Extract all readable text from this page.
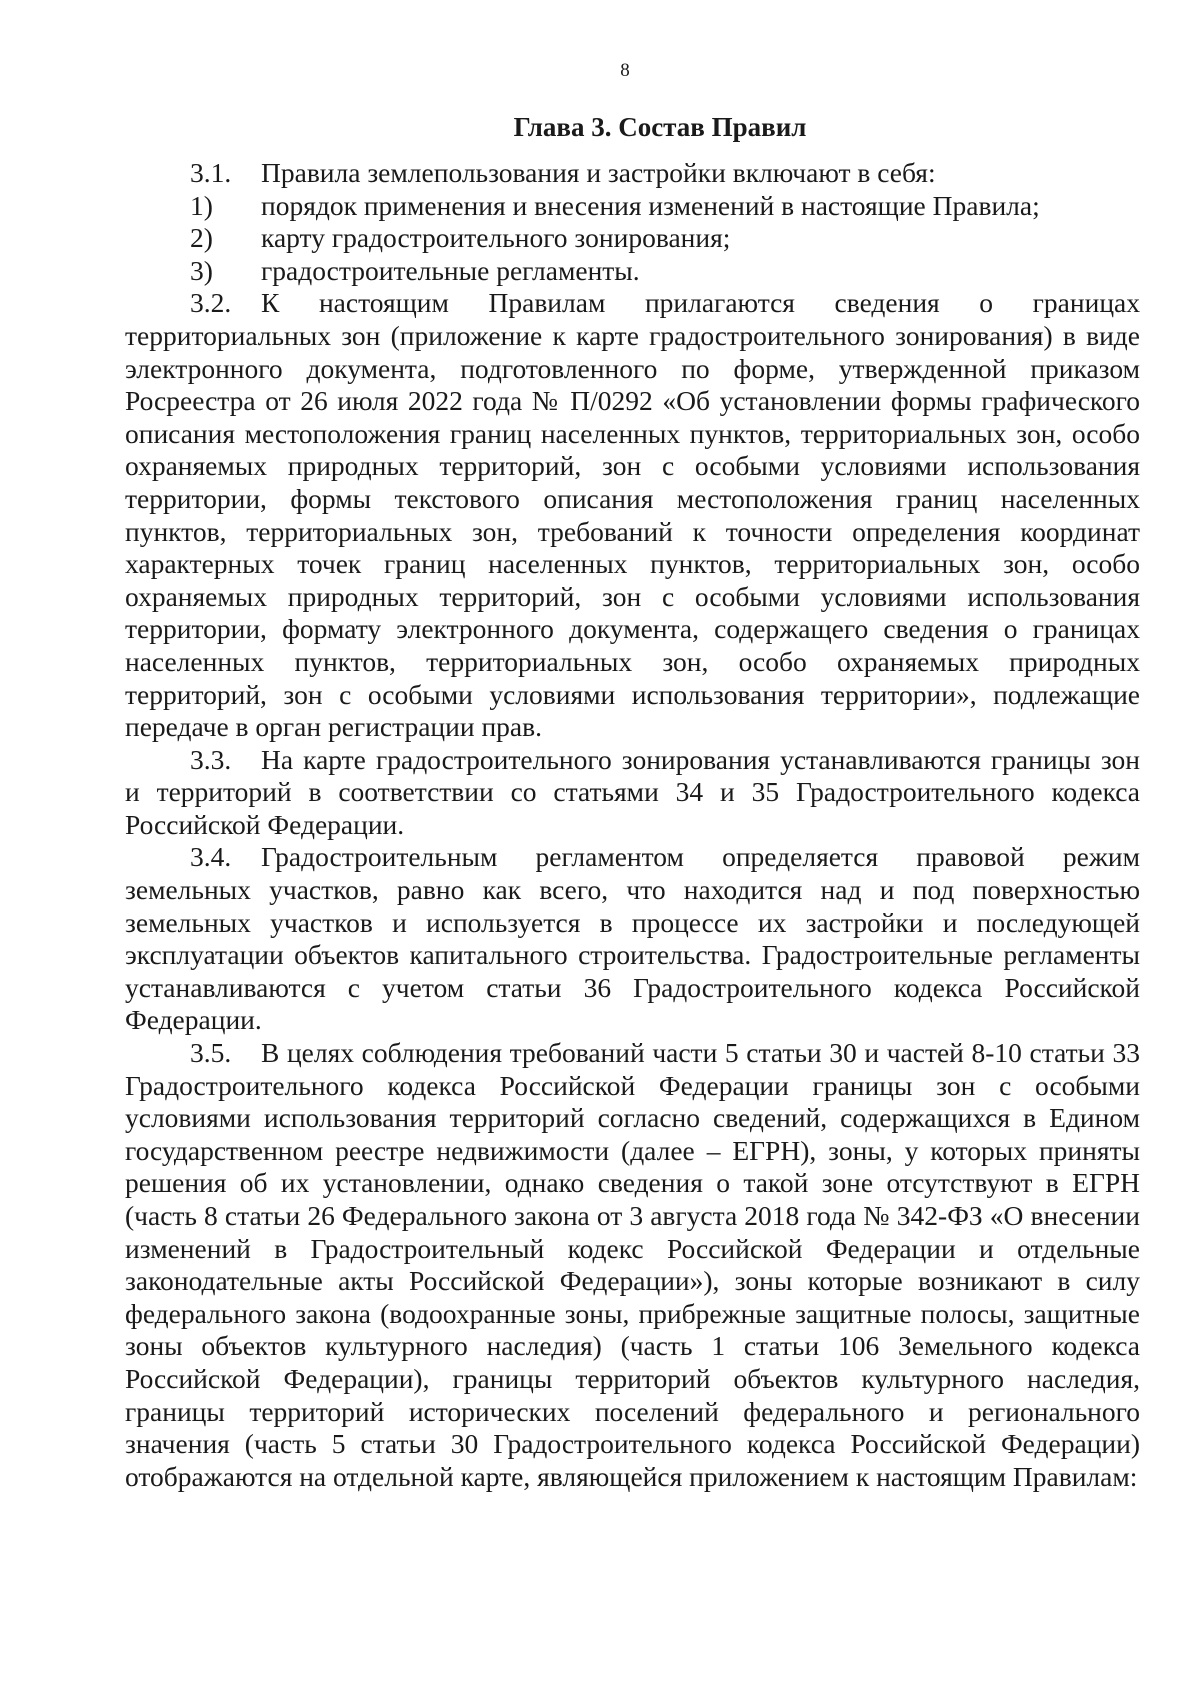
8
Глава 3. Состав Правил

3.1. Правила землепользования и застройки включают в себя:

1) порядок применения и внесения изменений в настоящие Правила;

2) карту градостроительного зонирования;

3) градостроительные регламенты.

3.2. К настоящим Правилам прилагаются сведения о границах территориальных зон (приложение к карте градостроительного зонирования) в виде электронного документа, подготовленного по форме, утвержденной приказом Росреестра от 26 июля 2022 года № П/0292 «Об установлении формы графического описания местоположения границ населенных пунктов, территориальных зон, особо охраняемых природных территорий, зон с особыми условиями использования территории, формы текстового описания местоположения границ населенных пунктов, территориальных зон, требований к точности определения координат характерных точек границ населенных пунктов, территориальных зон, особо охраняемых природных территорий, зон с особыми условиями использования территории, формату электронного документа, содержащего сведения о границах населенных пунктов, территориальных зон, особо охраняемых природных территорий, зон с особыми условиями использования территории», подлежащие передаче в орган регистрации прав.

3.3. На карте градостроительного зонирования устанавливаются границы зон и территорий в соответствии со статьями 34 и 35 Градостроительного кодекса Российской Федерации.

3.4. Градостроительным регламентом определяется правовой режим земельных участков, равно как всего, что находится над и под поверхностью земельных участков и используется в процессе их застройки и последующей эксплуатации объектов капитального строительства. Градостроительные регламенты устанавливаются с учетом статьи 36 Градостроительного кодекса Российской Федерации.

3.5. В целях соблюдения требований части 5 статьи 30 и частей 8-10 статьи 33 Градостроительного кодекса Российской Федерации границы зон с особыми условиями использования территорий согласно сведений, содержащихся в Едином государственном реестре недвижимости (далее – ЕГРН), зоны, у которых приняты решения об их установлении, однако сведения о такой зоне отсутствуют в ЕГРН (часть 8 статьи 26 Федерального закона от 3 августа 2018 года № 342-ФЗ «О внесении изменений в Градостроительный кодекс Российской Федерации и отдельные законодательные акты Российской Федерации»), зоны которые возникают в силу федерального закона (водоохранные зоны, прибрежные защитные полосы, защитные зоны объектов культурного наследия) (часть 1 статьи 106 Земельного кодекса Российской Федерации), границы территорий объектов культурного наследия, границы территорий исторических поселений федерального и регионального значения (часть 5 статьи 30 Градостроительного кодекса Российской Федерации) отображаются на отдельной карте, являющейся приложением к настоящим Правилам:
